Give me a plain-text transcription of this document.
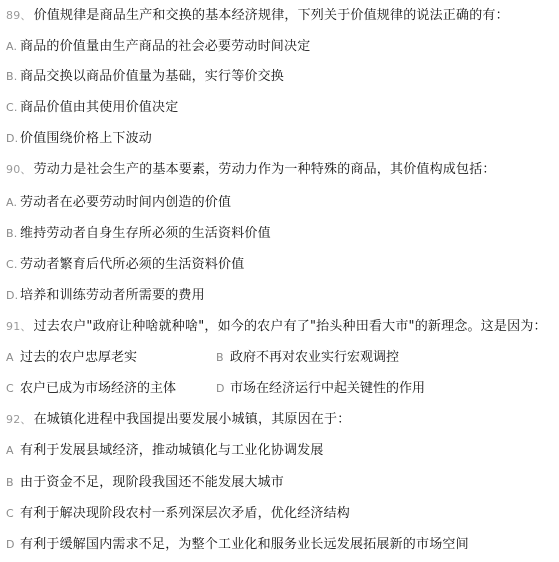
89、 价值规律是商品生产和交换的基本经济规律，下列关于价值规律的说法正确的有：
A. 商品的价值量由生产商品的社会必要劳动时间决定
B. 商品交换以商品价值量为基础，实行等价交换
C. 商品价值由其使用价值决定
D. 价值围绕价格上下波动
90、 劳动力是社会生产的基本要素，劳动力作为一种特殊的商品，其价值构成包括：
A. 劳动者在必要劳动时间内创造的价值
B. 维持劳动者自身生存所必须的生活资料价值
C. 劳动者繁育后代所必须的生活资料价值
D. 培养和训练劳动者所需要的费用
91、 过去农户"政府让种啥就种啥"，如今的农户有了"抬头种田看大市"的新理念。这是因为：
A 过去的农户忠厚老实	B 政府不再对农业实行宏观调控
C 农户已成为市场经济的主体	D 市场在经济运行中起关键性的作用
92、 在城镇化进程中我国提出要发展小城镇，其原因在于：
A 有利于发展县域经济，推动城镇化与工业化协调发展
B 由于资金不足，现阶段我国还不能发展大城市
C 有利于解决现阶段农村一系列深层次矛盾，优化经济结构
D 有利于缓解国内需求不足，为整个工业化和服务业长远发展拓展新的市场空间
